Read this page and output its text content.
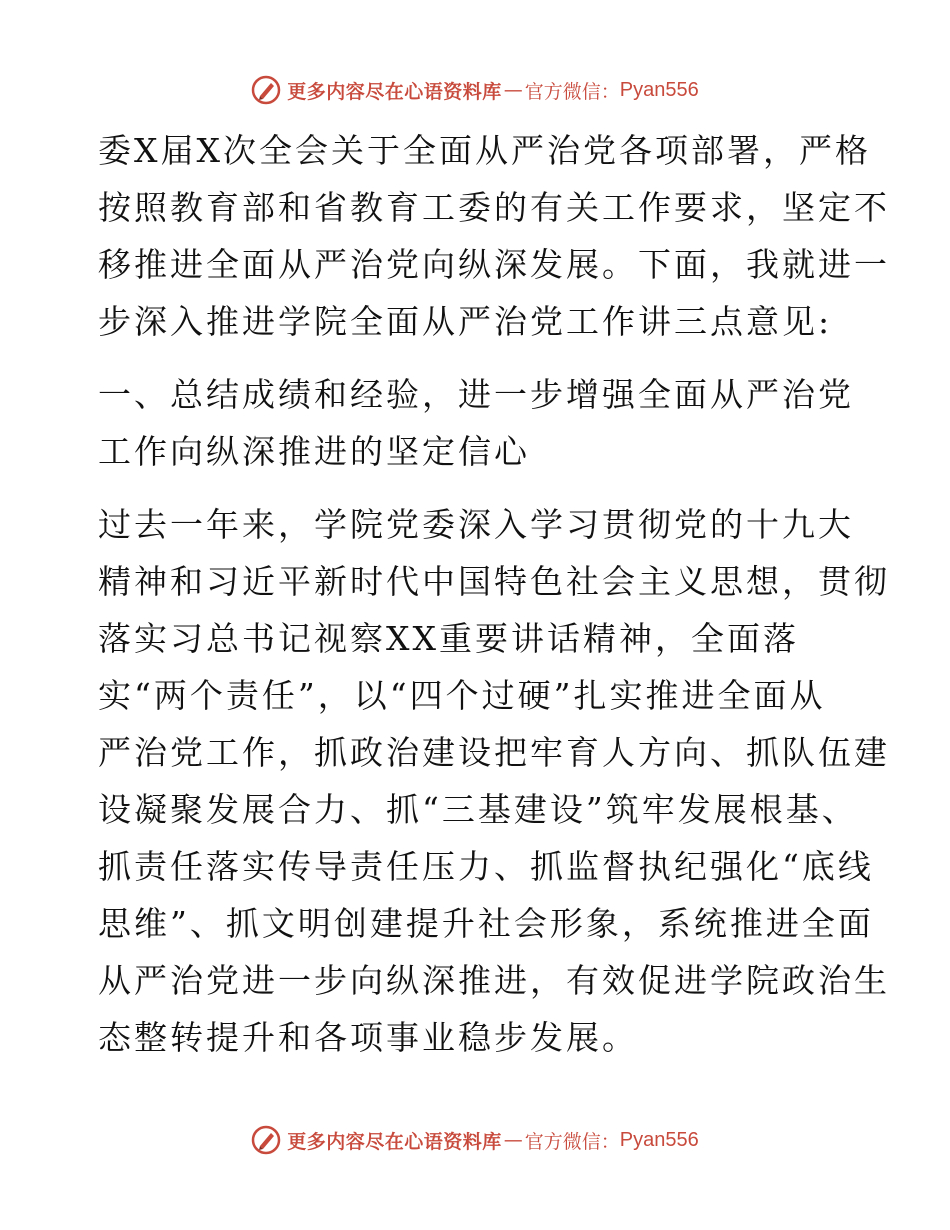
更多内容尽在心语资料库 — 官方微信： Pyan556
委X届X次全会关于全面从严治党各项部署，严格
按照教育部和省教育工委的有关工作要求，坚定不
移推进全面从严治党向纵深发展。下面，我就进一
步深入推进学院全面从严治党工作讲三点意见:
一、总结成绩和经验，进一步增强全面从严治党
工作向纵深推进的坚定信心
过去一年来，学院党委深入学习贯彻党的十九大
精神和习近平新时代中国特色社会主义思想，贯彻
落实习总书记视察XX重要讲话精神，全面落
实“两个责任”，以“四个过硬”扎实推进全面从
严治党工作，抓政治建设把牢育人方向、抓队伍建
设凝聚发展合力、抓“三基建设”筑牢发展根基、
抓责任落实传导责任压力、抓监督执纪强化“底线
思维”、抓文明创建提升社会形象，系统推进全面
从严治党进一步向纵深推进，有效促进学院政治生
态整转提升和各项事业稳步发展。
更多内容尽在心语资料库 — 官方微信： Pyan556
